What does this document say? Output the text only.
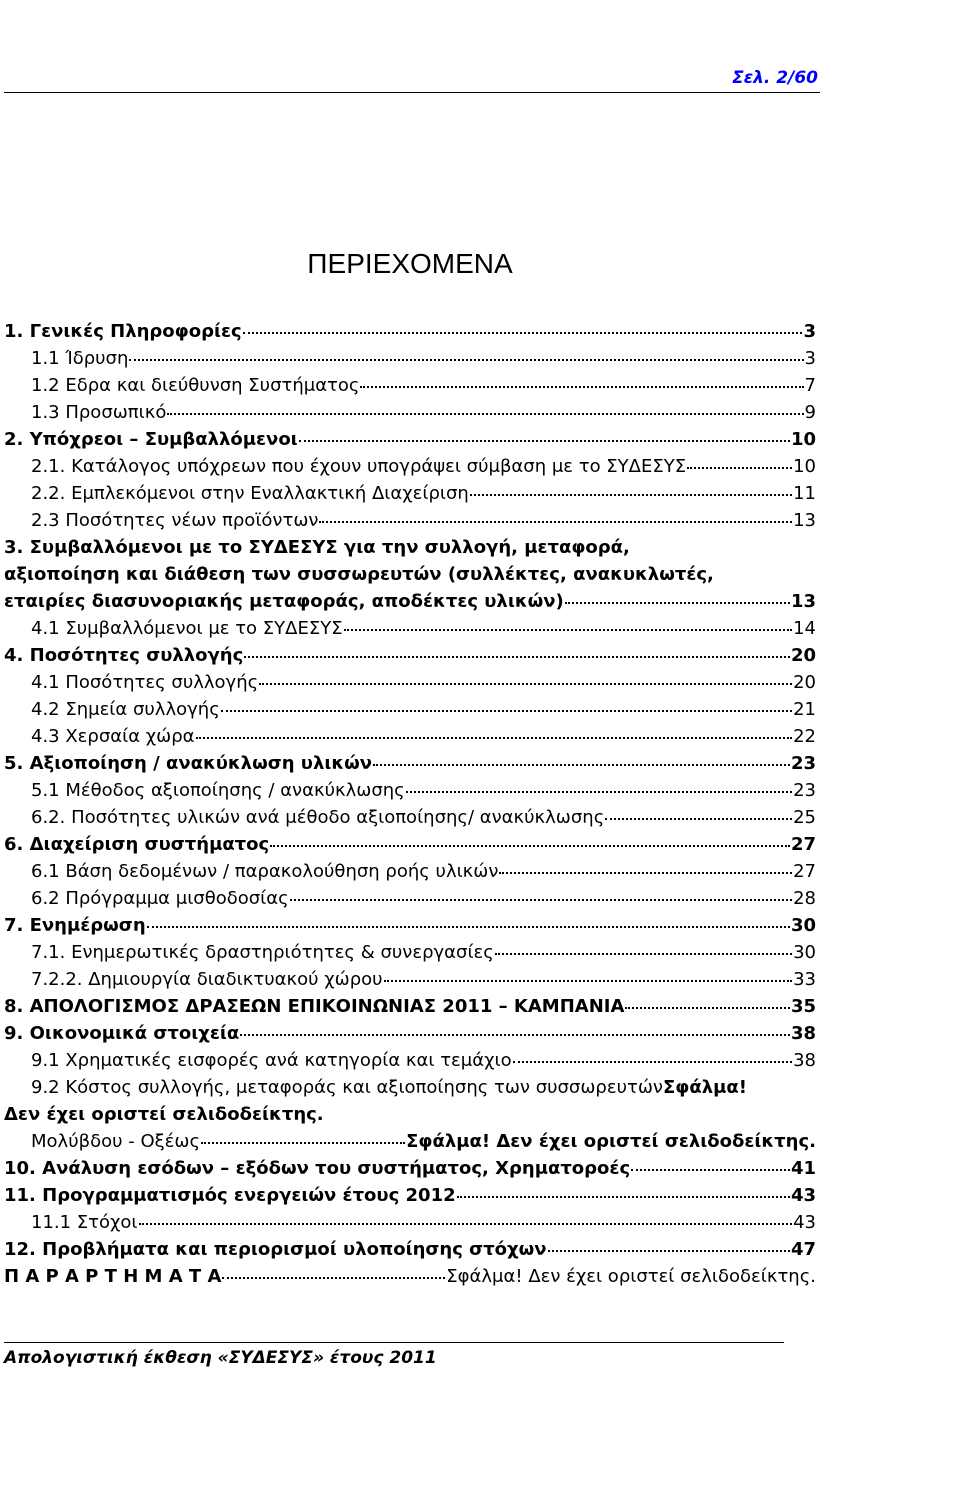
Σελ. 2/60
ΠΕΡΙΕΧΟΜΕΝΑ
1. Γενικές Πληροφορίες	3
1.1 Ίδρυση	3
1.2 Εδρα και διεύθυνση Συστήματος	7
1.3 Προσωπικό	9
2. Υπόχρεοι – Συμβαλλόμενοι	10
2.1. Κατάλογος υπόχρεων που έχουν υπογράψει σύμβαση με το ΣΥΔΕΣΥΣ	10
2.2. Εμπλεκόμενοι στην Εναλλακτική Διαχείριση	11
2.3 Ποσότητες νέων προϊόντων	13
3. Συμβαλλόμενοι με το ΣΥΔΕΣΥΣ για την συλλογή, μεταφορά,
αξιοποίηση και διάθεση των συσσωρευτών (συλλέκτες, ανακυκλωτές,
εταιρίες διασυνοριακής μεταφοράς, αποδέκτες υλικών)	13
4.1 Συμβαλλόμενοι με το ΣΥΔΕΣΥΣ	14
4. Ποσότητες συλλογής	20
4.1 Ποσότητες συλλογής	20
4.2 Σημεία συλλογής	21
4.3 Χερσαία χώρα	22
5. Αξιοποίηση / ανακύκλωση υλικών	23
5.1 Μέθοδος αξιοποίησης / ανακύκλωσης	23
6.2. Ποσότητες υλικών ανά μέθοδο αξιοποίησης/ ανακύκλωσης	25
6. Διαχείριση συστήματος	27
6.1 Βάση δεδομένων / παρακολούθηση ροής υλικών	27
6.2 Πρόγραμμα μισθοδοσίας	28
7. Ενημέρωση	30
7.1. Ενημερωτικές δραστηριότητες & συνεργασίες	30
7.2.2. Δημιουργία διαδικτυακού χώρου	33
8. ΑΠΟΛΟΓΙΣΜΟΣ ΔΡΑΣΕΩΝ ΕΠΙΚΟΙΝΩΝΙΑΣ 2011 – ΚΑΜΠΑΝΙΑ	35
9. Οικονομικά στοιχεία	38
9.1 Χρηματικές εισφορές ανά κατηγορία και τεμάχιο	38
9.2 Κόστος συλλογής, μεταφοράς και αξιοποίησης των συσσωρευτών Σφάλμα!
Δεν έχει οριστεί σελιδοδείκτης.
Μολύβδου - Οξέως	Σφάλμα! Δεν έχει οριστεί σελιδοδείκτης.
10. Ανάλυση εσόδων – εξόδων του συστήματος, Χρηματοροές	41
11. Προγραμματισμός ενεργειών έτους 2012	43
11.1 Στόχοι	43
12. Προβλήματα και περιορισμοί υλοποίησης στόχων	47
Π Α Ρ Α Ρ Τ Η Μ Α Τ Α	Σφάλμα! Δεν έχει οριστεί σελιδοδείκτης.
Απολογιστική έκθεση «ΣΥΔΕΣΥΣ» έτους 2011
